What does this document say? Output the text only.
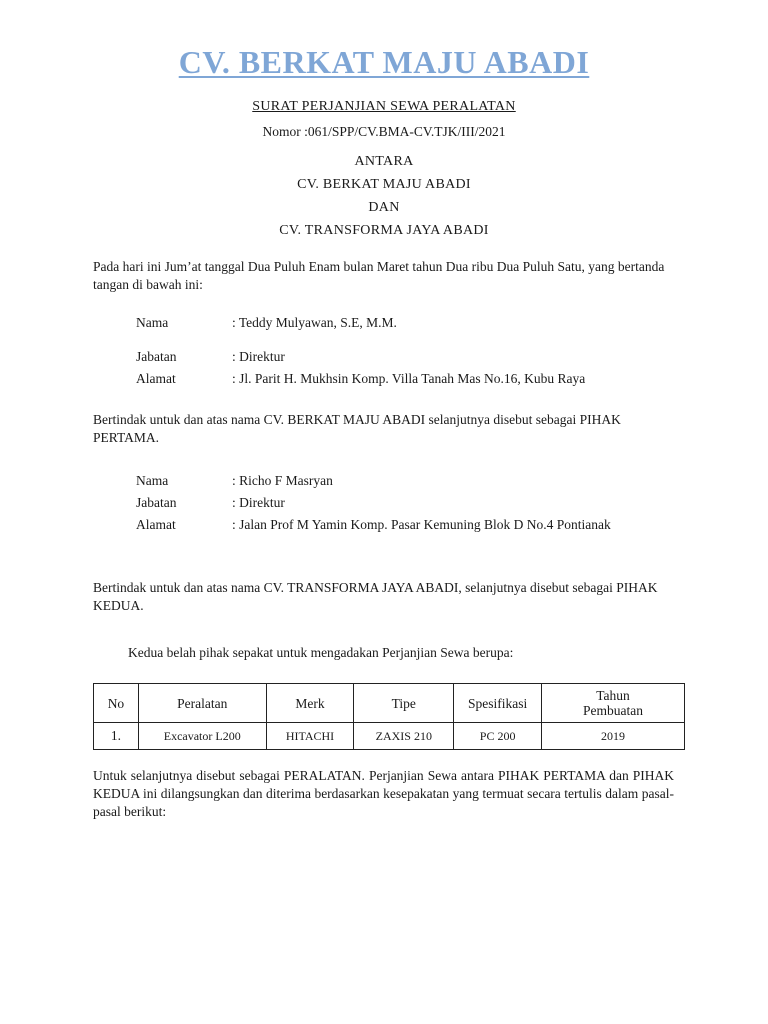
CV. BERKAT MAJU ABADI
SURAT PERJANJIAN SEWA PERALATAN
Nomor :061/SPP/CV.BMA-CV.TJK/III/2021
ANTARA
CV. BERKAT MAJU ABADI
DAN
CV. TRANSFORMA JAYA ABADI
Pada hari ini Jum’at tanggal Dua Puluh Enam bulan Maret tahun Dua ribu Dua Puluh Satu, yang bertanda tangan di bawah ini:
Nama	: Teddy Mulyawan, S.E, M.M.
Jabatan	: Direktur
Alamat	: Jl. Parit H. Mukhsin Komp. Villa Tanah Mas No.16, Kubu Raya
Bertindak untuk dan atas nama CV. BERKAT MAJU ABADI selanjutnya disebut sebagai PIHAK PERTAMA.
Nama	: Richo F Masryan
Jabatan	: Direktur
Alamat	: Jalan Prof M Yamin Komp. Pasar Kemuning Blok D No.4 Pontianak
Bertindak untuk dan atas nama CV. TRANSFORMA JAYA ABADI, selanjutnya disebut sebagai PIHAK KEDUA.
Kedua belah pihak sepakat untuk mengadakan Perjanjian Sewa berupa:
No	Peralatan	Merk	Tipe	Spesifikasi	Tahun Pembuatan
1.	Excavator L200	HITACHI	ZAXIS 210	PC 200	2019
Untuk selanjutnya disebut sebagai PERALATAN. Perjanjian Sewa antara PIHAK PERTAMA dan PIHAK KEDUA ini dilangsungkan dan diterima berdasarkan kesepakatan yang termuat secara tertulis dalam pasal-pasal berikut:
